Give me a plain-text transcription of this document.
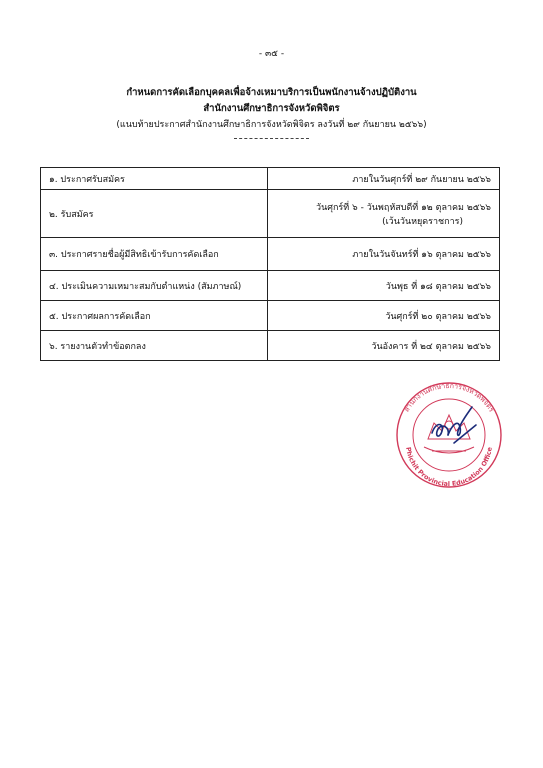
- ๓๕ -
กำหนดการคัดเลือกบุคคลเพื่อจ้างเหมาบริการเป็นพนักงานจ้างปฏิบัติงาน
สำนักงานศึกษาธิการจังหวัดพิจิตร
(แนบท้ายประกาศสำนักงานศึกษาธิการจังหวัดพิจิตร ลงวันที่ ๒๙ กันยายน ๒๕๖๖)
๑. ประกาศรับสมัคร	ภายในวันศุกร์ที่ ๒๙ กันยายน ๒๕๖๖
๒. รับสมัคร	วันศุกร์ที่ ๖ - วันพฤหัสบดีที่ ๑๒ ตุลาคม ๒๕๖๖
(เว้นวันหยุดราชการ)

๓. ประกาศรายชื่อผู้มีสิทธิเข้ารับการคัดเลือก	ภายในวันจันทร์ที่ ๑๖ ตุลาคม ๒๕๖๖
๔. ประเมินความเหมาะสมกับตำแหน่ง (สัมภาษณ์)	วันพุธ ที่ ๑๘ ตุลาคม ๒๕๖๖
๕. ประกาศผลการคัดเลือก	วันศุกร์ที่ ๒๐ ตุลาคม ๒๕๖๖
๖. รายงานตัวทำข้อตกลง	วันอังคาร ที่ ๒๔ ตุลาคม ๒๕๖๖
สำนักงานศึกษาธิการจังหวัดพิจิตร
Phichit Provincial Education Office
